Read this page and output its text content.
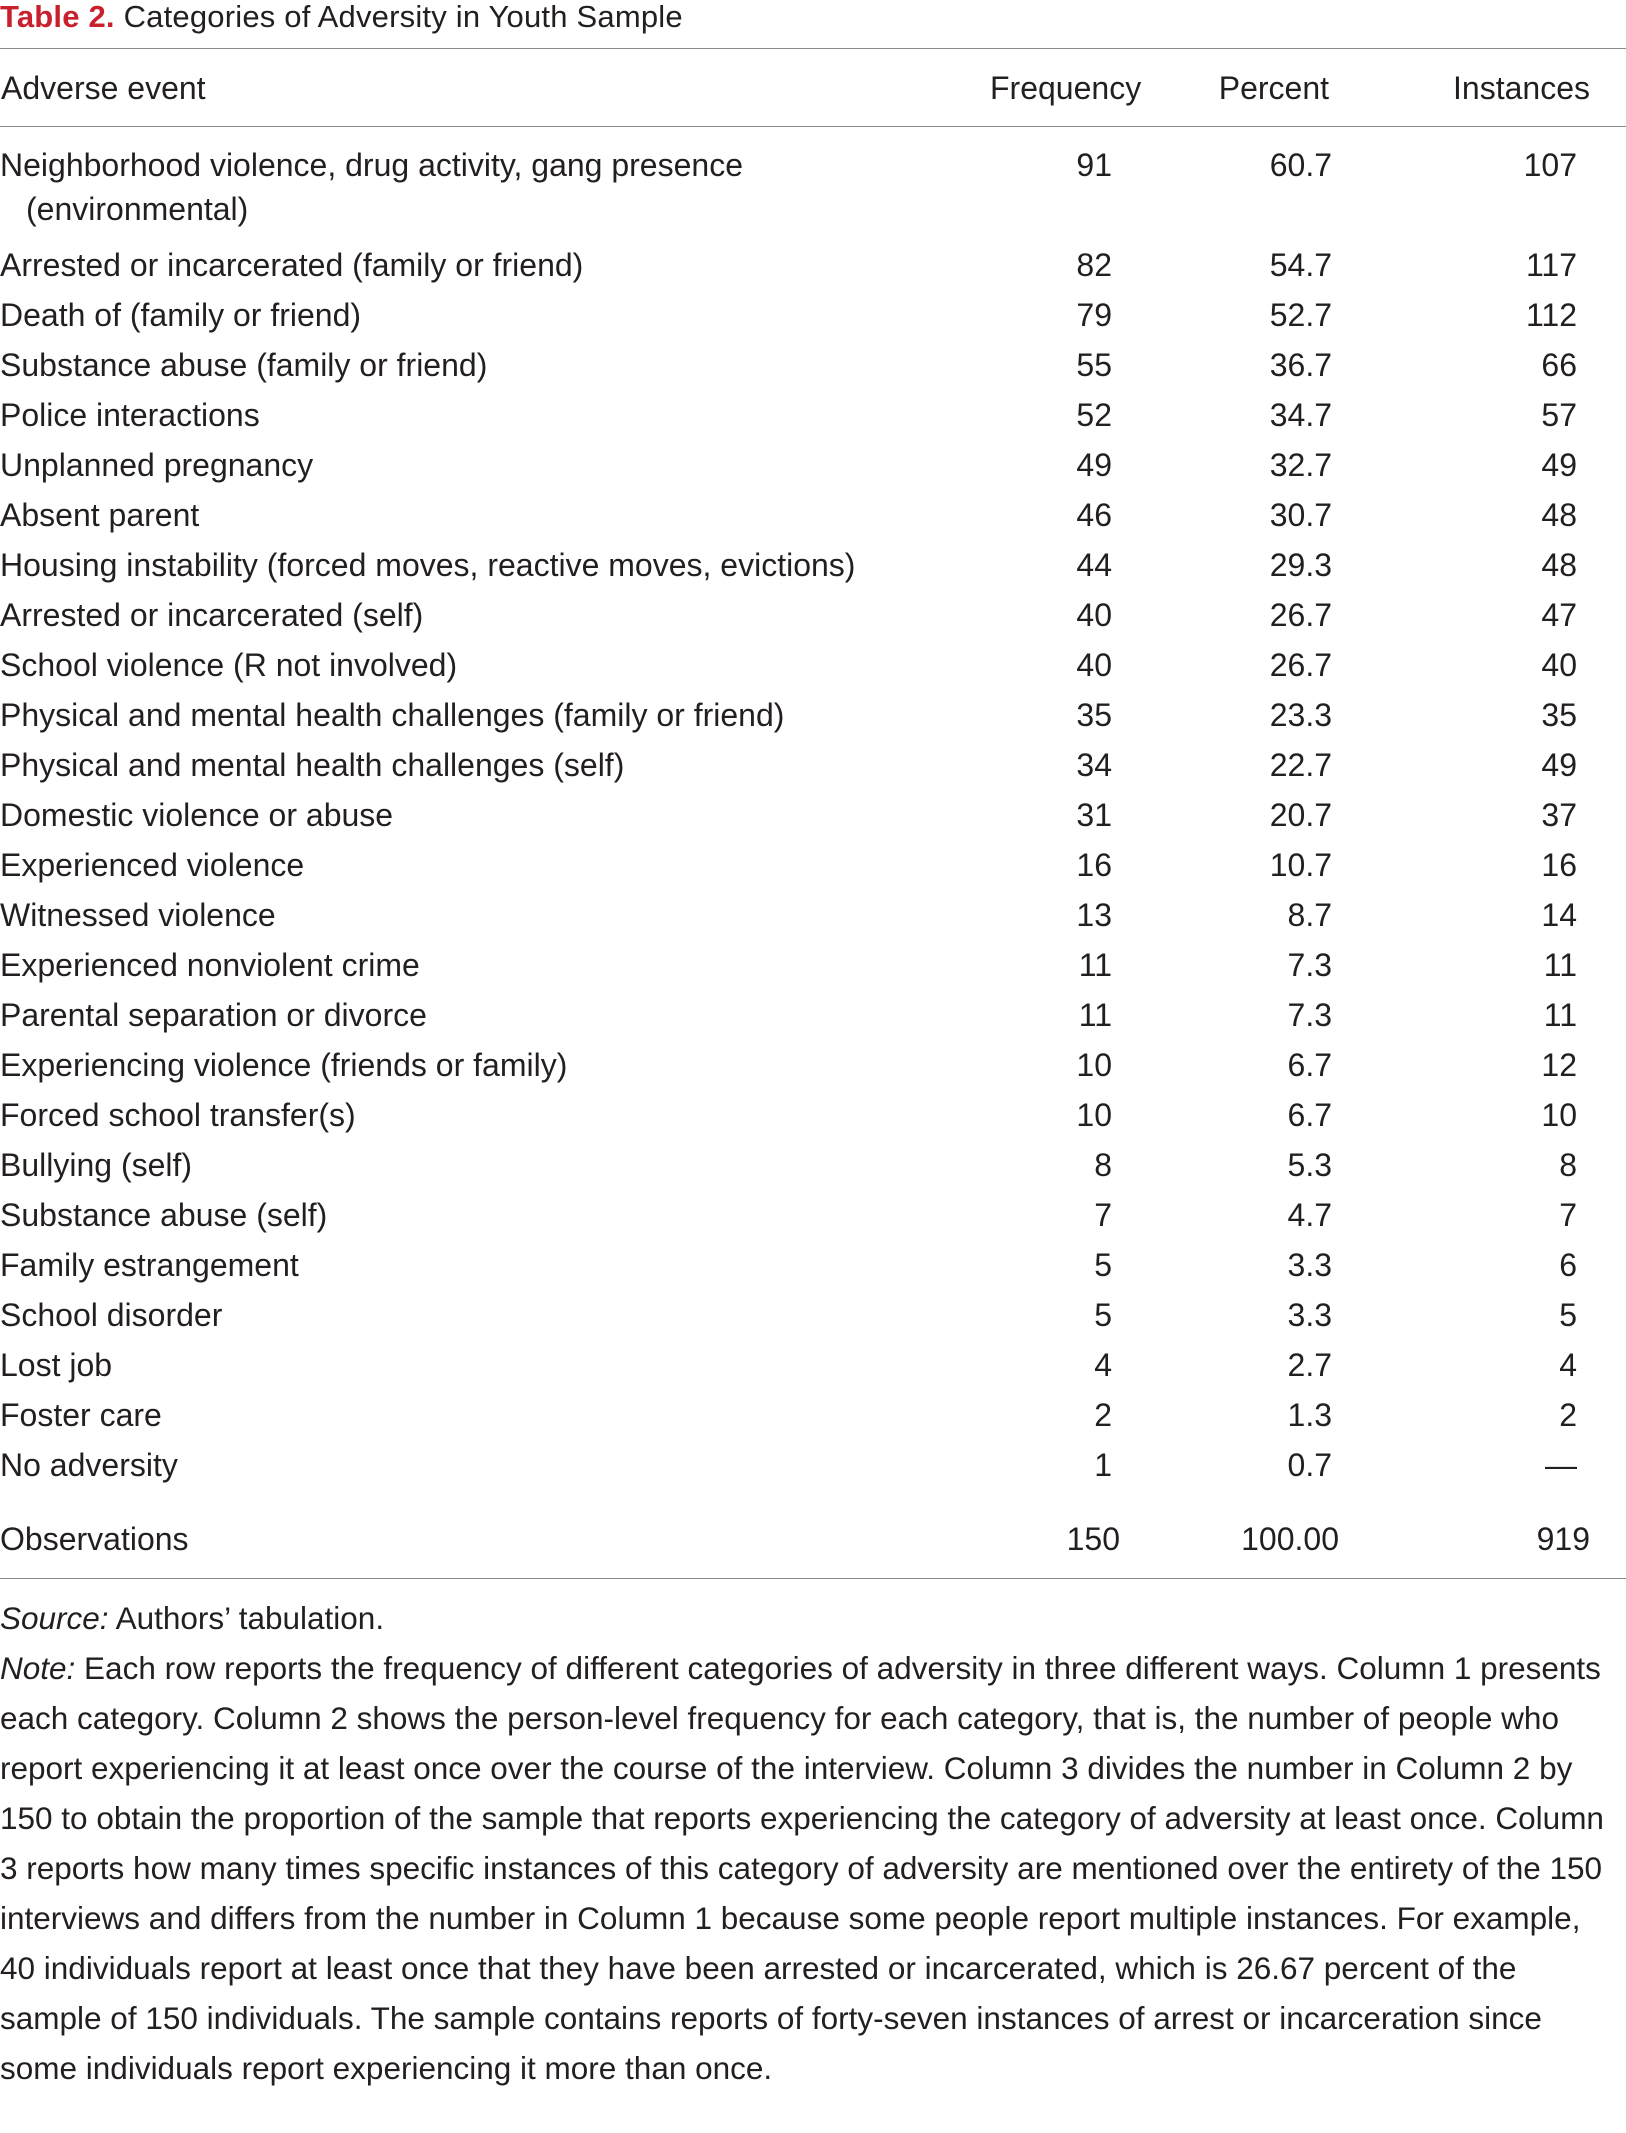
Table 2. Categories of Adversity in Youth Sample
Adverse event	Frequency	Percent	Instances	
Neighborhood violence, drug activity, gang presence
(environmental)	91	60.7	107	
Arrested or incarcerated (family or friend)	82	54.7	117	
Death of (family or friend)	79	52.7	112	
Substance abuse (family or friend)	55	36.7	66	
Police interactions	52	34.7	57	
Unplanned pregnancy	49	32.7	49	
Absent parent	46	30.7	48	
Housing instability (forced moves, reactive moves, evictions)	44	29.3	48	
Arrested or incarcerated (self)	40	26.7	47	
School violence (R not involved)	40	26.7	40	
Physical and mental health challenges (family or friend)	35	23.3	35	
Physical and mental health challenges (self)	34	22.7	49	
Domestic violence or abuse	31	20.7	37	
Experienced violence	16	10.7	16	
Witnessed violence	13	8.7	14	
Experienced nonviolent crime	11	7.3	11	
Parental separation or divorce	11	7.3	11	
Experiencing violence (friends or family)	10	6.7	12	
Forced school transfer(s)	10	6.7	10	
Bullying (self)	8	5.3	8	
Substance abuse (self)	7	4.7	7	
Family estrangement	5	3.3	6	
School disorder	5	3.3	5	
Lost job	4	2.7	4	
Foster care	2	1.3	2	
No adversity	1	0.7	—	
Observations	150	100.00	919	

Source: Authors’ tabulation.

Note: Each row reports the frequency of different categories of adversity in three different ways. Column 1 presents each category. Column 2 shows the person-level frequency for each category, that is, the number of people who report experiencing it at least once over the course of the interview. Column 3 divides the number in Column 2 by 150 to obtain the proportion of the sample that reports experiencing the category of adversity at least once. Column 3 reports how many times specific instances of this category of adversity are mentioned over the entirety of the 150 interviews and differs from the number in Column 1 because some people report multiple instances. For example, 40 individuals report at least once that they have been arrested or incarcerated, which is 26.67 percent of the sample of 150 individuals. The sample contains reports of forty-seven instances of arrest or incarceration since some individuals report experiencing it more than once.
